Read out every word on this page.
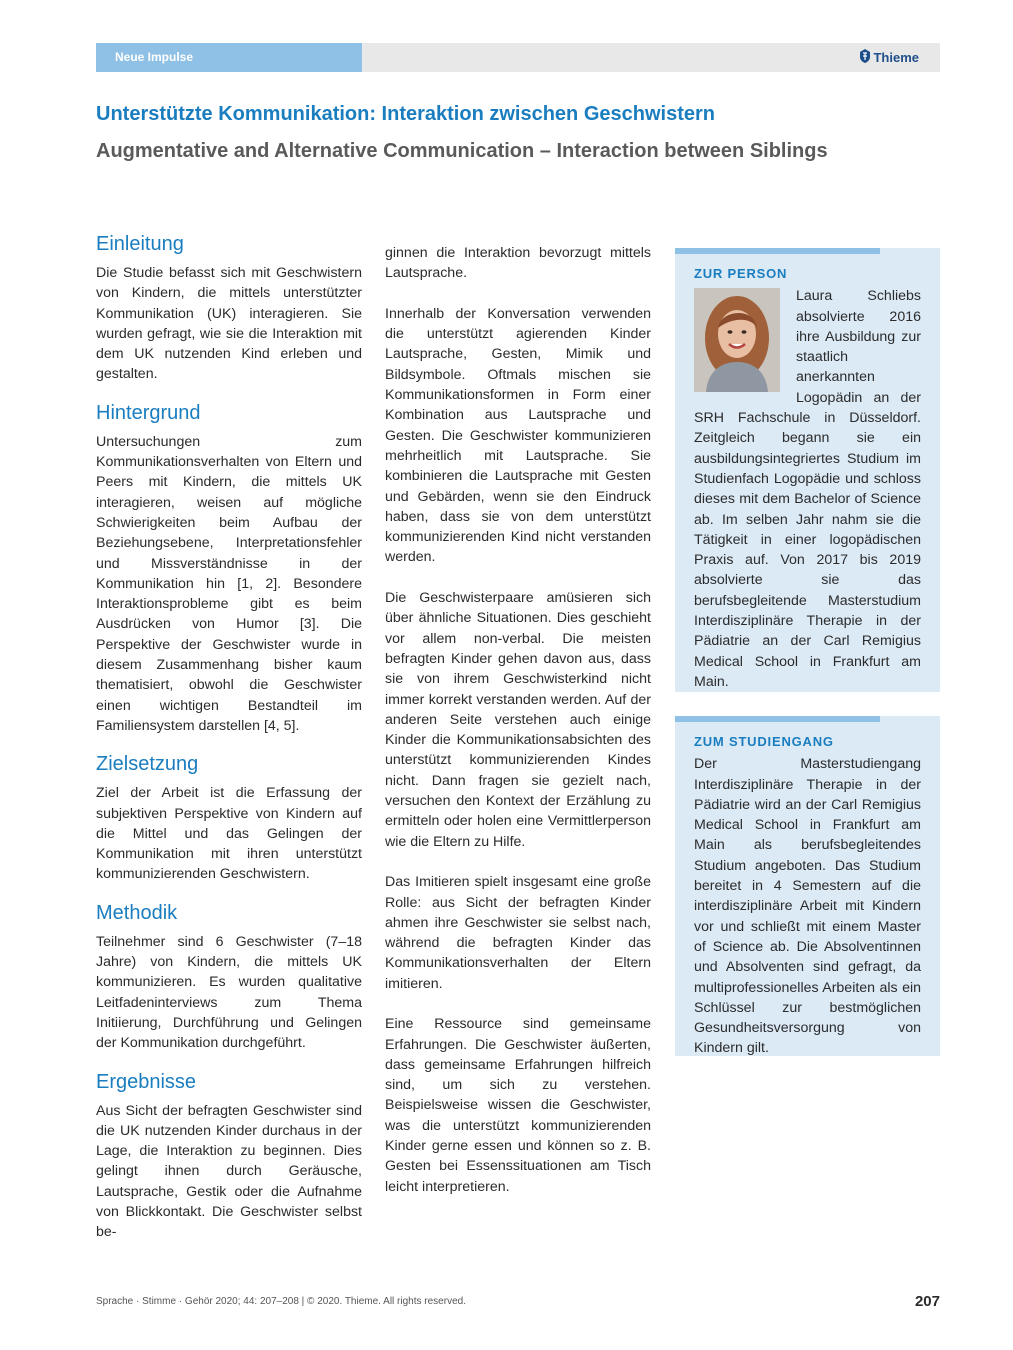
Neue Impulse	Thieme
Unterstützte Kommunikation: Interaktion zwischen Geschwistern
Augmentative and Alternative Communication – Interaction between Siblings
Einleitung

Die Studie befasst sich mit Geschwistern von Kindern, die mittels unterstützter Kommunikation (UK) interagieren. Sie wurden gefragt, wie sie die Interaktion mit dem UK nutzenden Kind erleben und gestalten.

Hintergrund

Untersuchungen zum Kommunikationsverhalten von Eltern und Peers mit Kindern, die mittels UK interagieren, weisen auf mögliche Schwierigkeiten beim Aufbau der Beziehungsebene, Interpretationsfehler und Missverständnisse in der Kommunikation hin [1, 2]. Besondere Interaktionsprobleme gibt es beim Ausdrücken von Humor [3]. Die Perspektive der Geschwister wurde in diesem Zusammenhang bisher kaum thematisiert, obwohl die Geschwister einen wichtigen Bestandteil im Familiensystem darstellen [4, 5].

Zielsetzung

Ziel der Arbeit ist die Erfassung der subjektiven Perspektive von Kindern auf die Mittel und das Gelingen der Kommunikation mit ihren unterstützt kommunizierenden Geschwistern.

Methodik

Teilnehmer sind 6 Geschwister (7–18 Jahre) von Kindern, die mittels UK kommunizieren. Es wurden qualitative Leitfadeninterviews zum Thema Initiierung, Durchführung und Gelingen der Kommunikation durchgeführt.

Ergebnisse

Aus Sicht der befragten Geschwister sind die UK nutzenden Kinder durchaus in der Lage, die Interaktion zu beginnen. Dies gelingt ihnen durch Geräusche, Lautsprache, Gestik oder die Aufnahme von Blickkontakt. Die Geschwister selbst be-

ginnen die Interaktion bevorzugt mittels Lautsprache.

Innerhalb der Konversation verwenden die unterstützt agierenden Kinder Lautsprache, Gesten, Mimik und Bildsymbole. Oftmals mischen sie Kommunikationsformen in Form einer Kombination aus Lautsprache und Gesten. Die Geschwister kommunizieren mehrheitlich mit Lautsprache. Sie kombinieren die Lautsprache mit Gesten und Gebärden, wenn sie den Eindruck haben, dass sie von dem unterstützt kommunizierenden Kind nicht verstanden werden.

Die Geschwisterpaare amüsieren sich über ähnliche Situationen. Dies geschieht vor allem non-verbal. Die meisten befragten Kinder gehen davon aus, dass sie von ihrem Geschwisterkind nicht immer korrekt verstanden werden. Auf der anderen Seite verstehen auch einige Kinder die Kommunikationsabsichten des unterstützt kommunizierenden Kindes nicht. Dann fragen sie gezielt nach, versuchen den Kontext der Erzählung zu ermitteln oder holen eine Vermittlerperson wie die Eltern zu Hilfe.

Das Imitieren spielt insgesamt eine große Rolle: aus Sicht der befragten Kinder ahmen ihre Geschwister sie selbst nach, während die befragten Kinder das Kommunikationsverhalten der Eltern imitieren.

Eine Ressource sind gemeinsame Erfahrungen. Die Geschwister äußerten, dass gemeinsame Erfahrungen hilfreich sind, um sich zu verstehen. Beispielsweise wissen die Geschwister, was die unterstützt kommunizierenden Kinder gerne essen und können so z. B. Gesten bei Essenssituationen am Tisch leicht interpretieren.

ZUR PERSON

Laura Schliebs absolvierte 2016 ihre Ausbildung zur staatlich anerkannten Logopädin an der SRH Fachschule in Düsseldorf. Zeitgleich begann sie ein ausbildungsintegriertes Studium im Studienfach Logopädie und schloss dieses mit dem Bachelor of Science ab. Im selben Jahr nahm sie die Tätigkeit in einer logopädischen Praxis auf. Von 2017 bis 2019 absolvierte sie das berufsbegleitende Masterstudium Interdisziplinäre Therapie in der Pädiatrie an der Carl Remigius Medical School in Frankfurt am Main.

ZUM STUDIENGANG

Der Masterstudiengang Interdisziplinäre Therapie in der Pädiatrie wird an der Carl Remigius Medical School in Frankfurt am Main als berufsbegleitendes Studium angeboten. Das Studium bereitet in 4 Semestern auf die interdisziplinäre Arbeit mit Kindern vor und schließt mit einem Master of Science ab. Die Absolventinnen und Absolventen sind gefragt, da multiprofessionelles Arbeiten als ein Schlüssel zur bestmöglichen Gesundheitsversorgung von Kindern gilt.

Sprache · Stimme · Gehör 2020; 44: 207–208 | © 2020. Thieme. All rights reserved.	207
